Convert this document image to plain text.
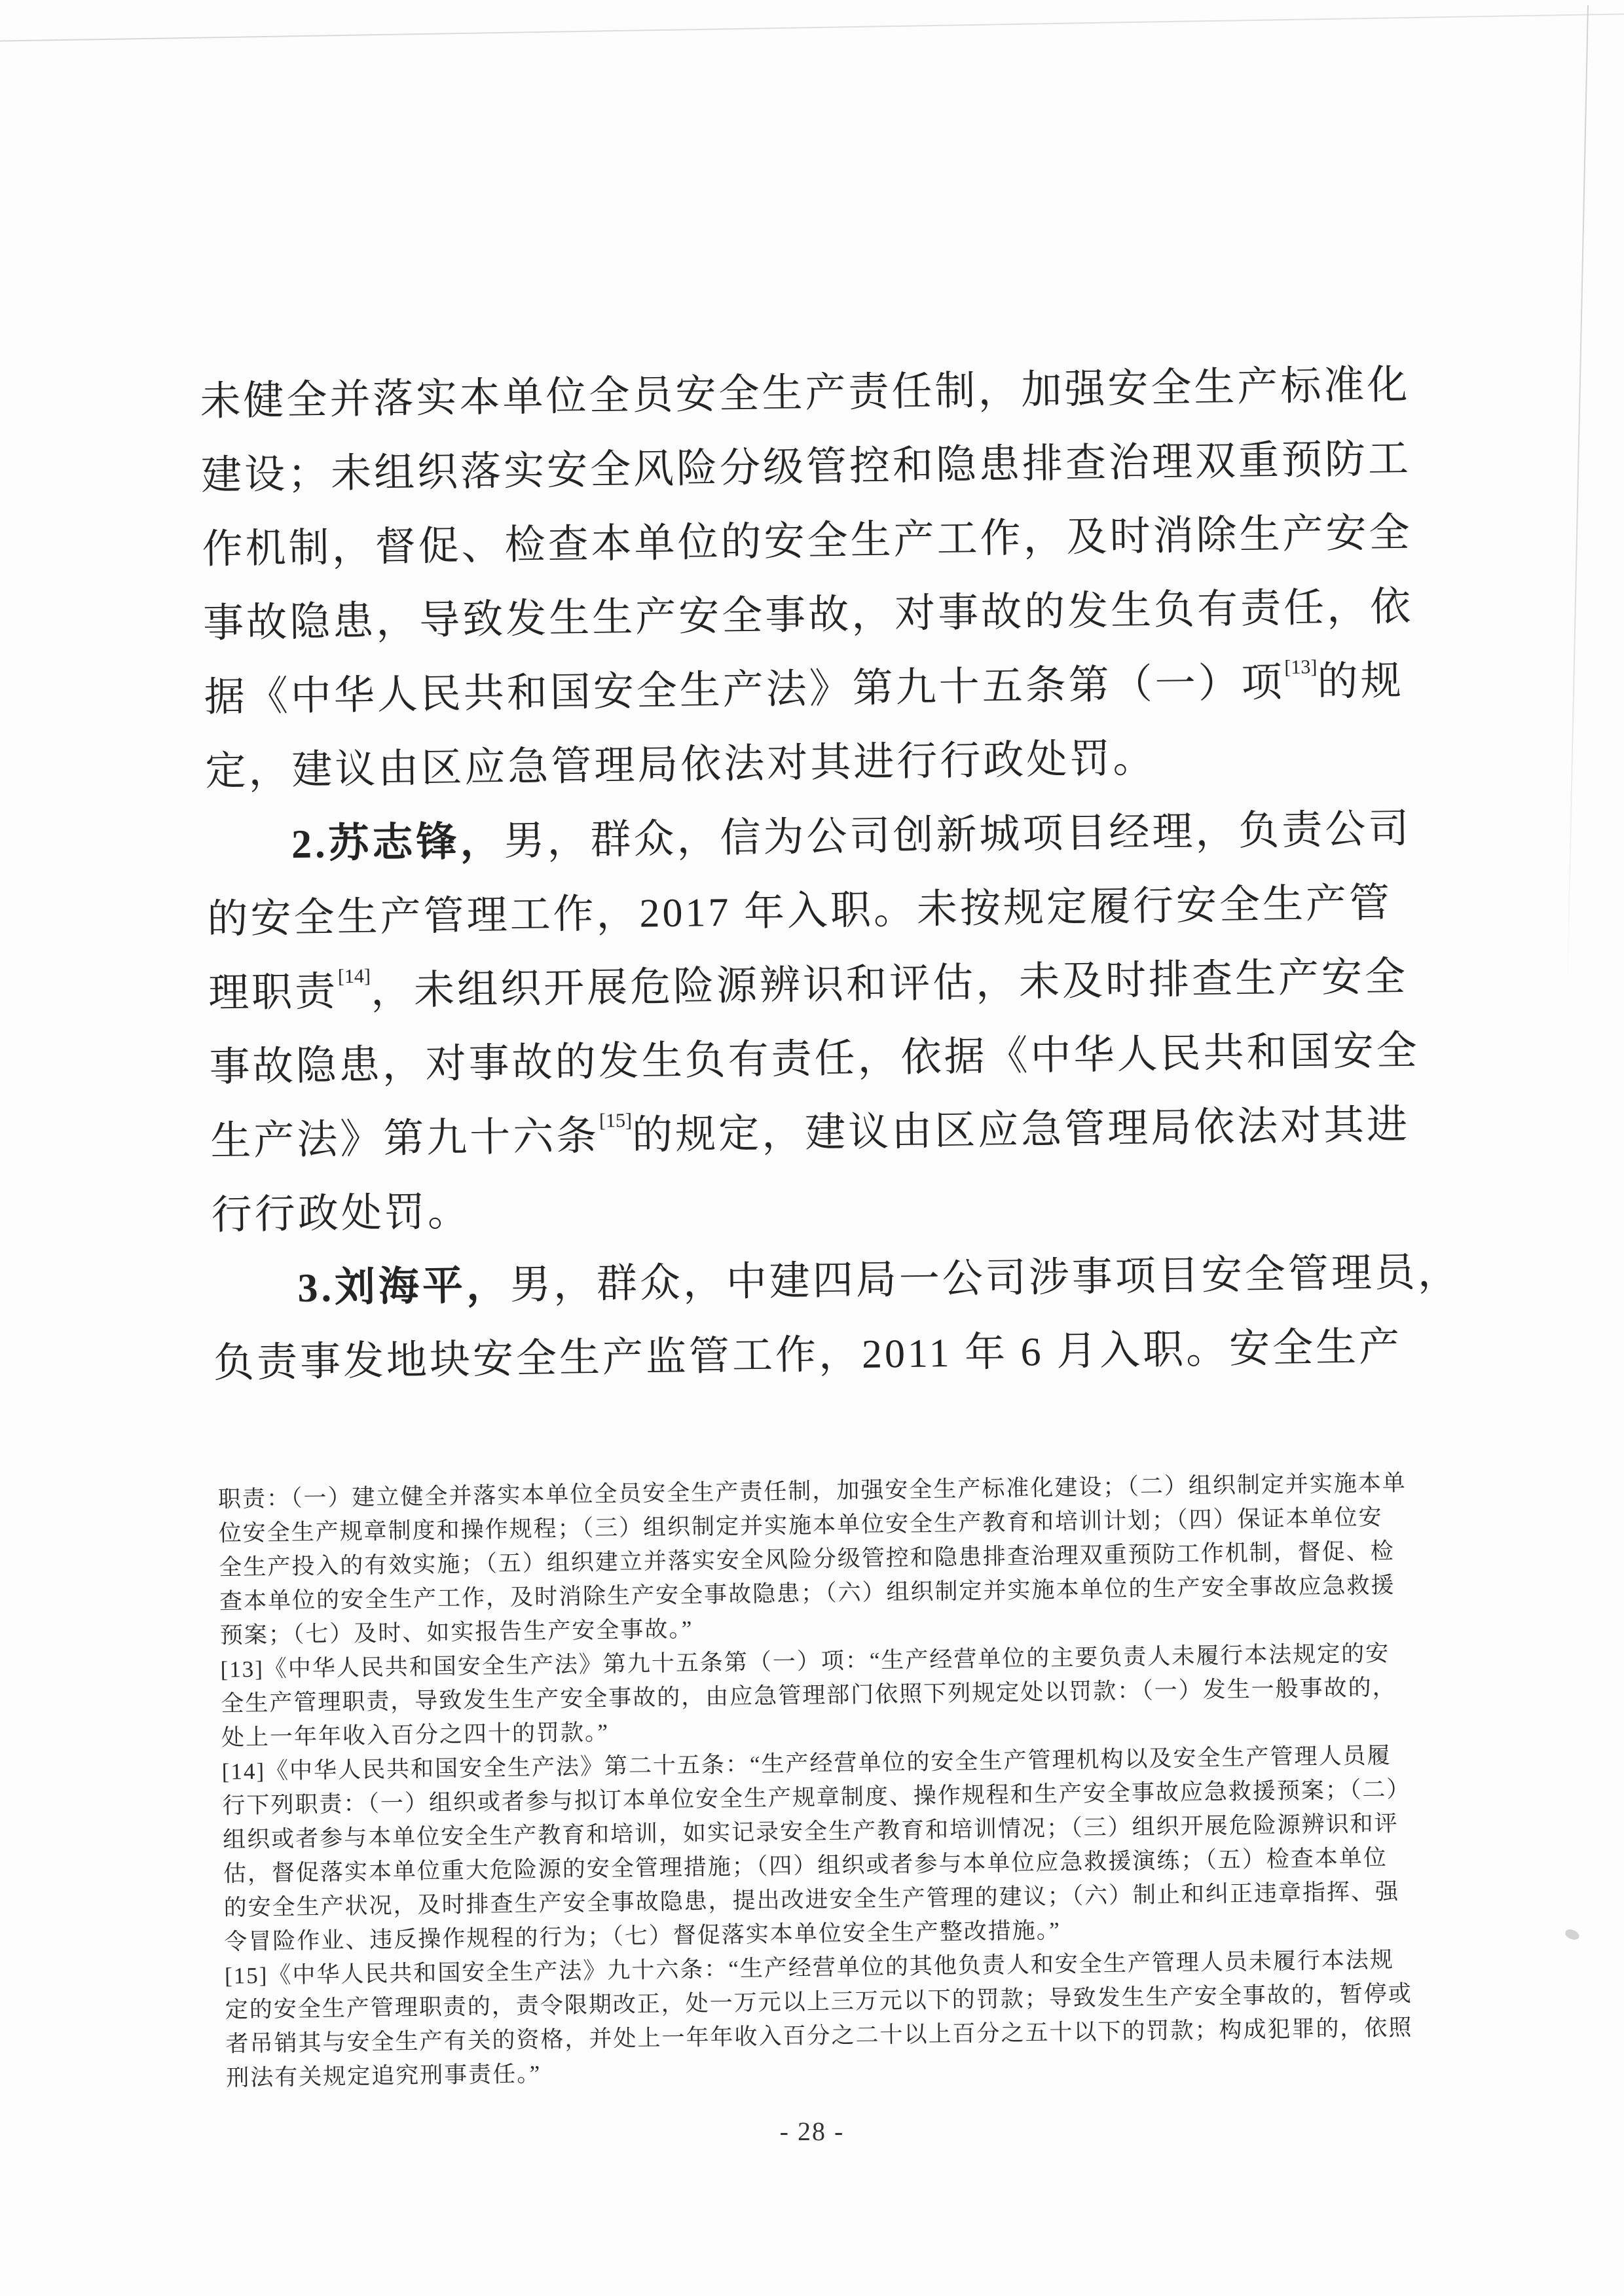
未健全并落实本单位全员安全生产责任制，加强安全生产标准化
建设；未组织落实安全风险分级管控和隐患排查治理双重预防工
作机制，督促、检查本单位的安全生产工作，及时消除生产安全
事故隐患，导致发生生产安全事故，对事故的发生负有责任，依
据《中华人民共和国安全生产法》第九十五条第（一）项[13]的规
定，建议由区应急管理局依法对其进行行政处罚。
2.苏志锋，男，群众，信为公司创新城项目经理，负责公司
的安全生产管理工作，2017 年入职。未按规定履行安全生产管
理职责[14]，未组织开展危险源辨识和评估，未及时排查生产安全
事故隐患，对事故的发生负有责任，依据《中华人民共和国安全
生产法》第九十六条[15]的规定，建议由区应急管理局依法对其进
行行政处罚。
3.刘海平，男，群众，中建四局一公司涉事项目安全管理员，
负责事发地块安全生产监管工作，2011 年 6 月入职。安全生产
职责：（一）建立健全并落实本单位全员安全生产责任制，加强安全生产标准化建设；（二）组织制定并实施本单
位安全生产规章制度和操作规程；（三）组织制定并实施本单位安全生产教育和培训计划；（四）保证本单位安
全生产投入的有效实施；（五）组织建立并落实安全风险分级管控和隐患排查治理双重预防工作机制，督促、检
查本单位的安全生产工作，及时消除生产安全事故隐患；（六）组织制定并实施本单位的生产安全事故应急救援
预案；（七）及时、如实报告生产安全事故。”
[13]《中华人民共和国安全生产法》第九十五条第（一）项：“生产经营单位的主要负责人未履行本法规定的安
全生产管理职责，导致发生生产安全事故的，由应急管理部门依照下列规定处以罚款：（一）发生一般事故的，
处上一年年收入百分之四十的罚款。”
[14]《中华人民共和国安全生产法》第二十五条：“生产经营单位的安全生产管理机构以及安全生产管理人员履
行下列职责：（一）组织或者参与拟订本单位安全生产规章制度、操作规程和生产安全事故应急救援预案；（二）
组织或者参与本单位安全生产教育和培训，如实记录安全生产教育和培训情况；（三）组织开展危险源辨识和评
估，督促落实本单位重大危险源的安全管理措施；（四）组织或者参与本单位应急救援演练；（五）检查本单位
的安全生产状况，及时排查生产安全事故隐患，提出改进安全生产管理的建议；（六）制止和纠正违章指挥、强
令冒险作业、违反操作规程的行为；（七）督促落实本单位安全生产整改措施。”
[15]《中华人民共和国安全生产法》九十六条：“生产经营单位的其他负责人和安全生产管理人员未履行本法规
定的安全生产管理职责的，责令限期改正，处一万元以上三万元以下的罚款；导致发生生产安全事故的，暂停或
者吊销其与安全生产有关的资格，并处上一年年收入百分之二十以上百分之五十以下的罚款；构成犯罪的，依照
刑法有关规定追究刑事责任。”
- 28 -
